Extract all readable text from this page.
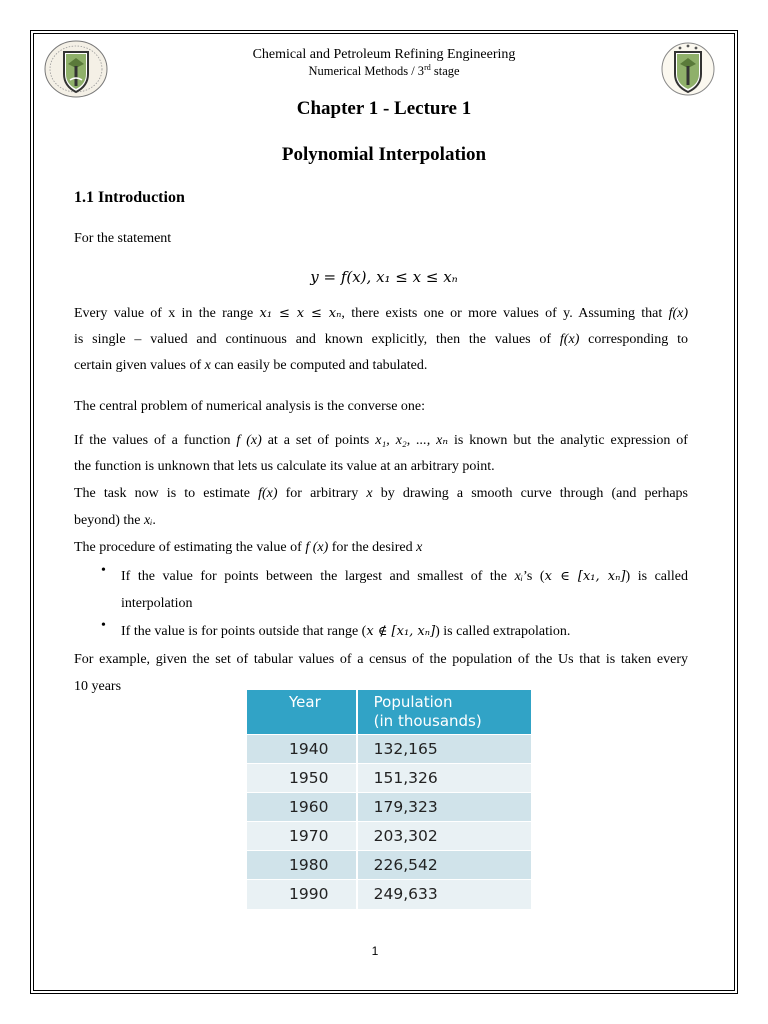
Chemical and Petroleum Refining Engineering
Numerical Methods / 3rd stage
Chapter 1 - Lecture 1
Polynomial Interpolation
1.1 Introduction
For the statement
y = f(x), x₁ ≤ x ≤ xₙ
Every value of x in the range x₁ ≤ x ≤ xₙ, there exists one or more values of y. Assuming that f(x)
is single – valued and continuous and known explicitly, then the values of f(x) corresponding to
certain given values of x can easily be computed and tabulated.
The central problem of numerical analysis is the converse one:
If the values of a function f (x) at a set of points x₁, x₂, ..., xₙ is known but the analytic expression of
the function is unknown that lets us calculate its value at an arbitrary point.
The task now is to estimate f(x) for arbitrary x by drawing a smooth curve through (and perhaps
beyond) the xᵢ.
The procedure of estimating the value of f (x) for the desired x
• If the value for points between the largest and smallest of the xᵢ’s (x ∈ [x₁, xₙ]) is called
interpolation
• If the value is for points outside that range (x ∉ [x₁, xₙ]) is called extrapolation.
For example, given the set of tabular values of a census of the population of the Us that is taken every
10 years
Year	Population
(in thousands)
1940	132,165
1950	151,326
1960	179,323
1970	203,302
1980	226,542
1990	249,633
1
